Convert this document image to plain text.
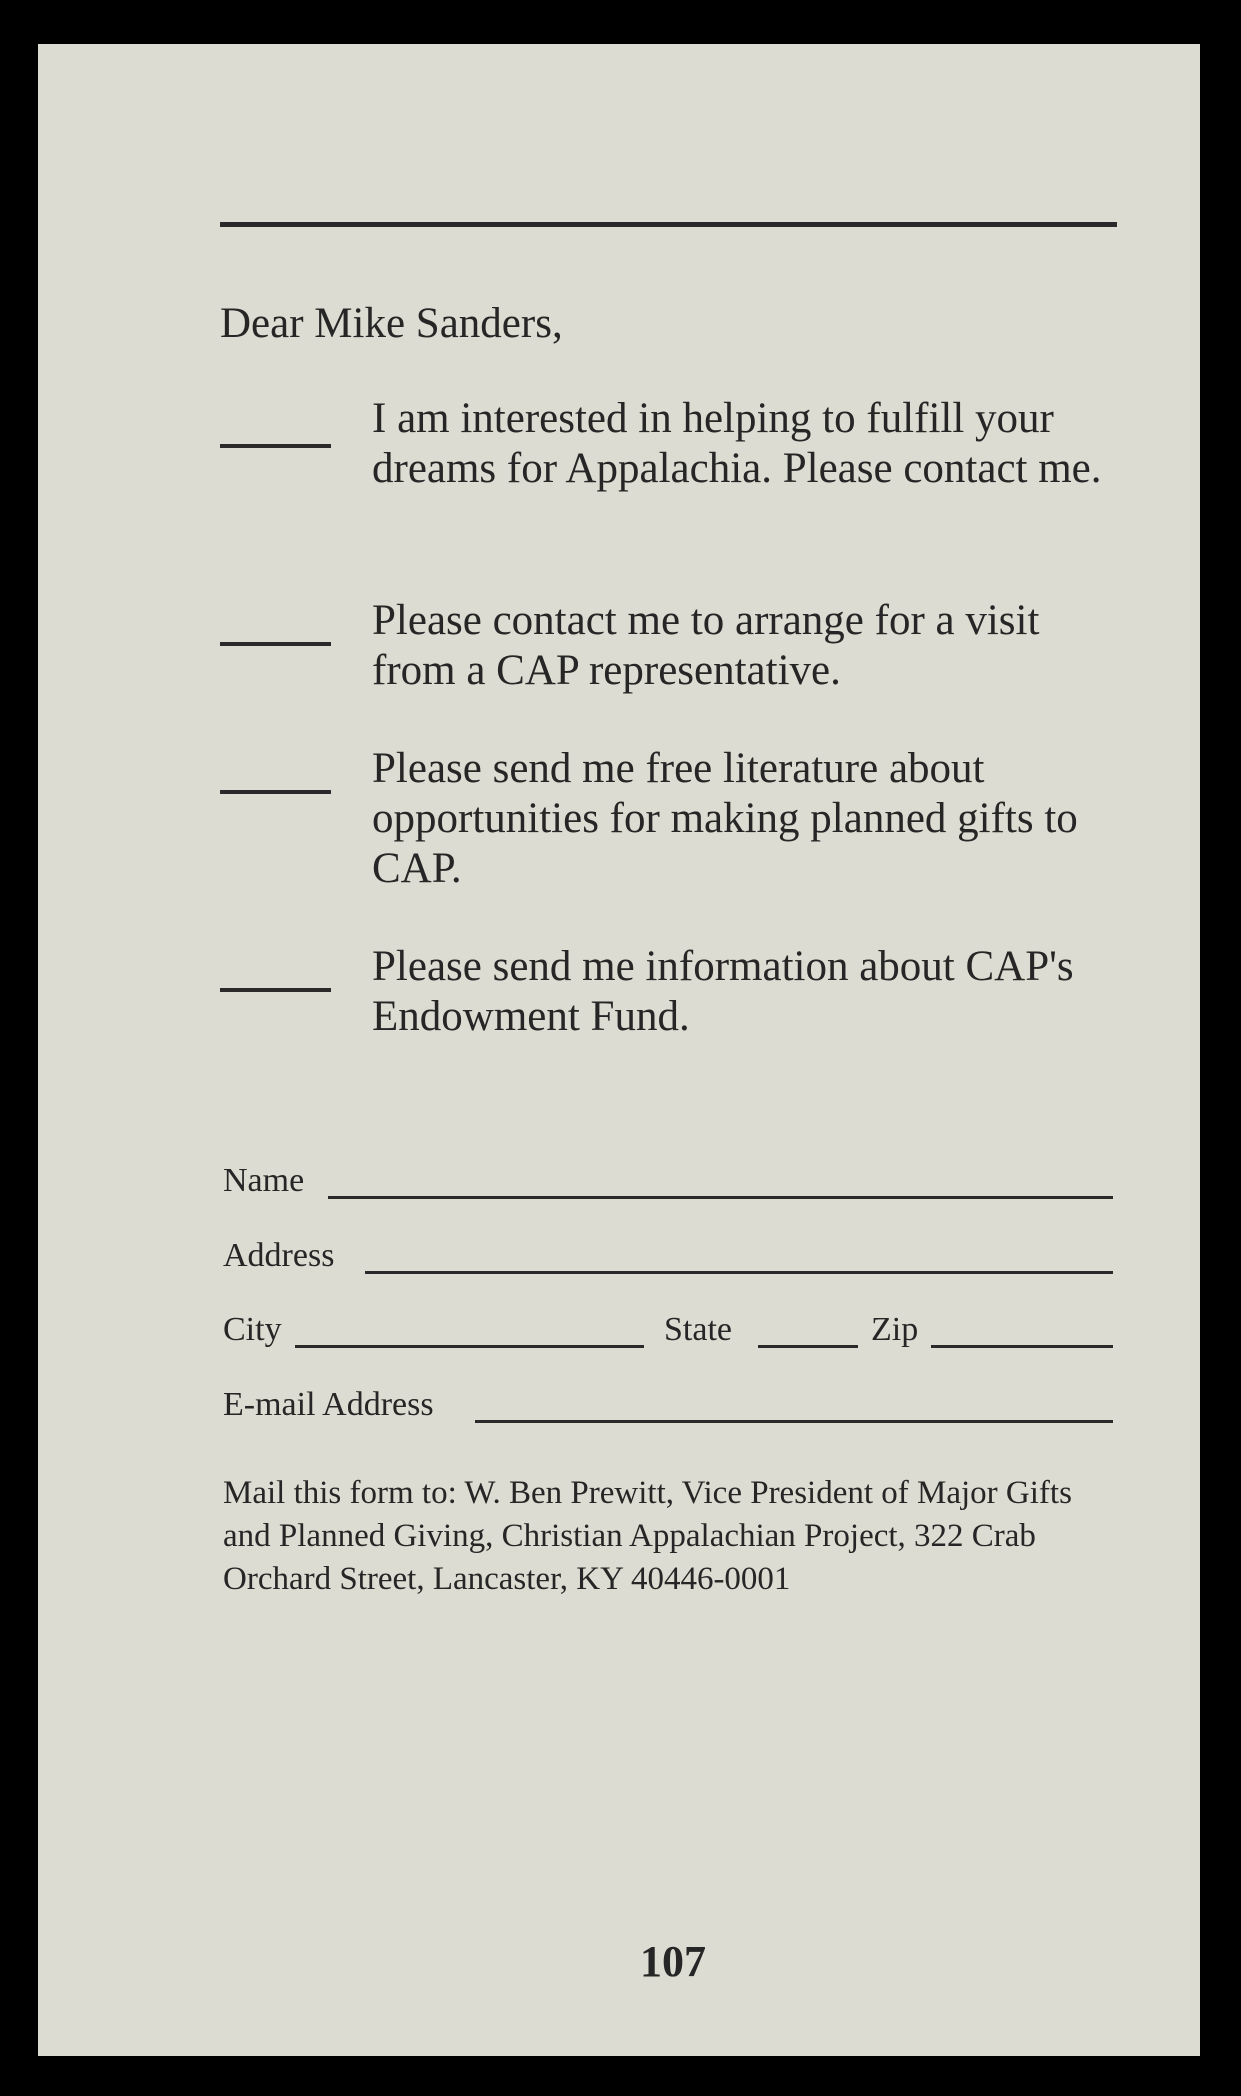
Dear Mike Sanders,

I am interested in helping to fulfill your dreams for Appalachia. Please contact me.

Please contact me to arrange for a visit from a CAP representative.

Please send me free literature about opportunities for making planned gifts to CAP.

Please send me information about CAP's Endowment Fund.

Name
Address
City	State	Zip
E-mail Address

Mail this form to: W. Ben Prewitt, Vice President of Major Gifts and Planned Giving, Christian Appalachian Project, 322 Crab Orchard Street, Lancaster, KY 40446-0001

107
